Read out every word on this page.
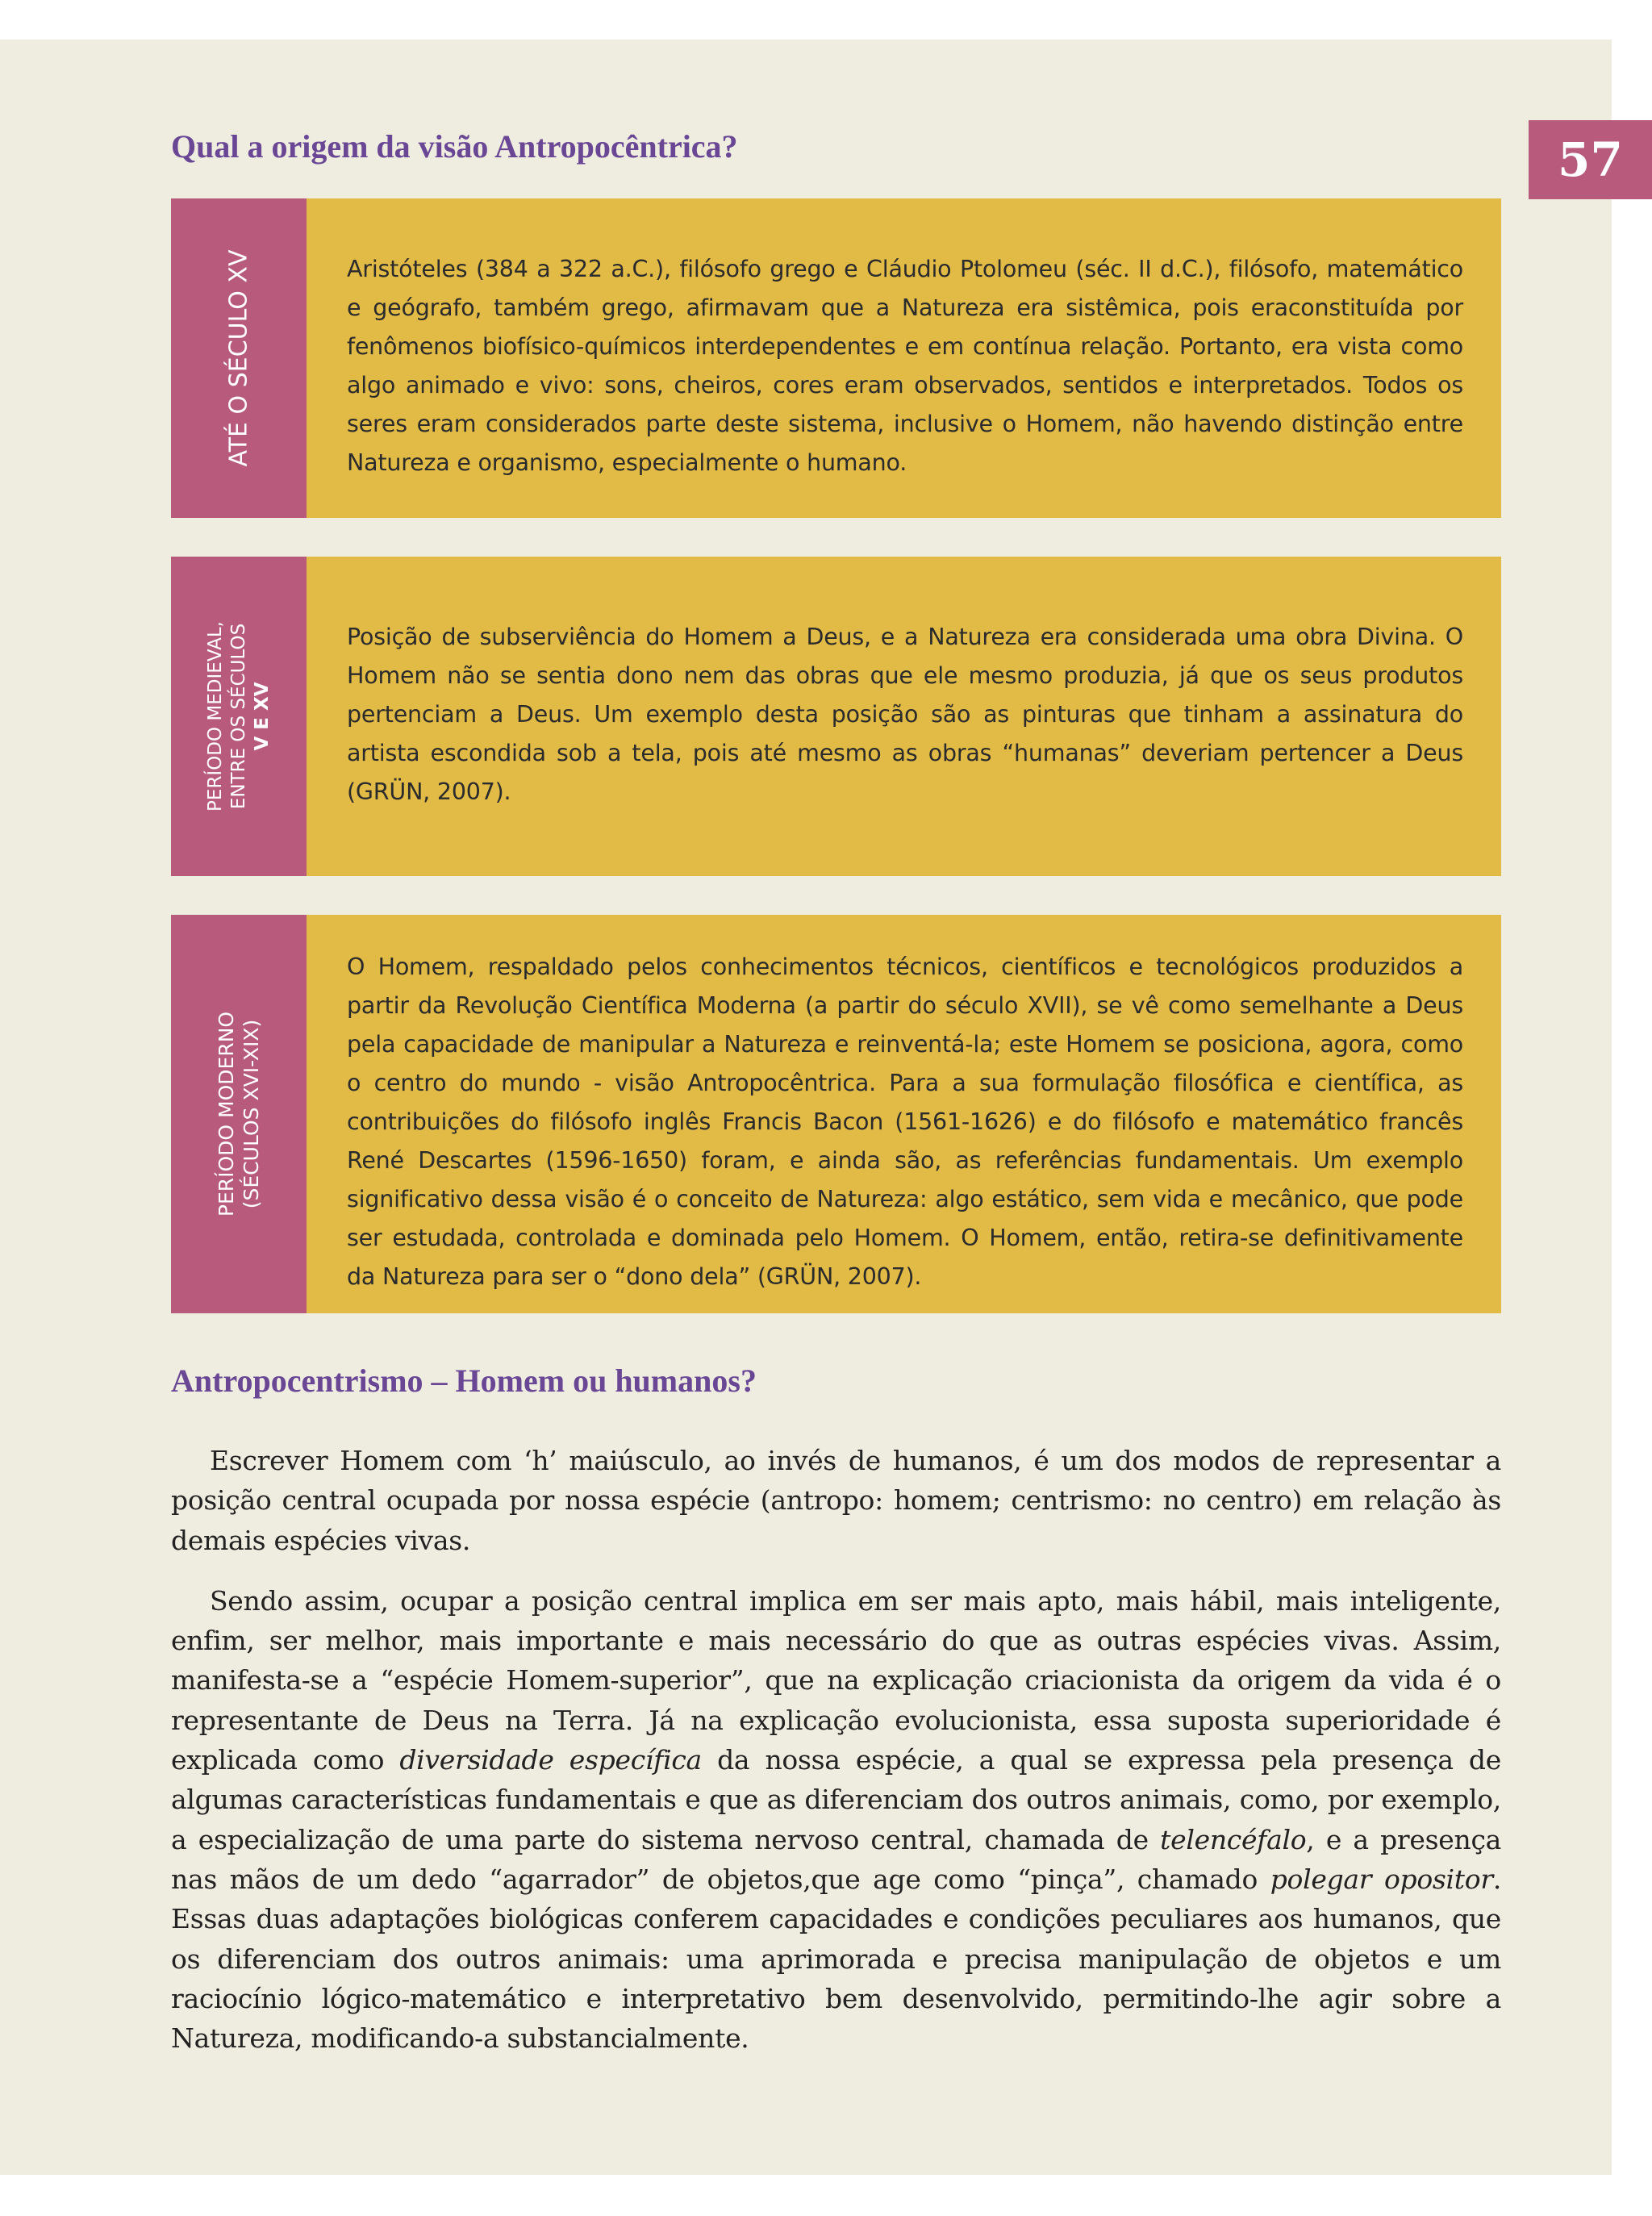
57
Qual a origem da visão Antropocêntrica?
ATÉ O SÉCULO XV	Aristóteles (384 a 322 a.C.), filósofo grego e Cláudio Ptolomeu (séc. II d.C.), filósofo, matemático e geógrafo, também grego, afirmavam que a Natureza era sistêmica, pois eraconstituída por fenômenos biofísico-químicos interdependentes e em contínua relação. Portanto, era vista como algo animado e vivo: sons, cheiros, cores eram observados, sentidos e interpretados. Todos os seres eram considerados parte deste sistema, inclusive o Homem, não havendo distinção entre Natureza e organismo, especialmente o humano.
PERÍODO MEDIEVAL, ENTRE OS SÉCULOS V E XV
Posição de subserviência do Homem a Deus, e a Natureza era considerada uma obra Divina. O Homem não se sentia dono nem das obras que ele mesmo produzia, já que os seus produtos pertenciam a Deus. Um exemplo desta posição são as pinturas que tinham a assinatura do artista escondida sob a tela, pois até mesmo as obras “humanas” deveriam pertencer a Deus (GRÜN, 2007).
PERÍODO MODERNO (SÉCULOS XVI-XIX)
O Homem, respaldado pelos conhecimentos técnicos, científicos e tecnológicos produzidos a partir da Revolução Científica Moderna (a partir do século XVII), se vê como semelhante a Deus pela capacidade de manipular a Natureza e reinventá-la; este Homem se posiciona, agora, como o centro do mundo - visão Antropocêntrica. Para a sua formulação filosófica e científica, as contribuições do filósofo inglês Francis Bacon (1561-1626) e do filósofo e matemático francês René Descartes (1596-1650) foram, e ainda são, as referências fundamentais. Um exemplo significativo dessa visão é o conceito de Natureza: algo estático, sem vida e mecânico, que pode ser estudada, controlada e dominada pelo Homem. O Homem, então, retira-se definitivamente da Natureza para ser o “dono dela” (GRÜN, 2007).
Antropocentrismo – Homem ou humanos?

Escrever Homem com ‘h’ maiúsculo, ao invés de humanos, é um dos modos de representar a posição central ocupada por nossa espécie (antropo: homem; centrismo: no centro) em relação às demais espécies vivas.

Sendo assim, ocupar a posição central implica em ser mais apto, mais hábil, mais inteligente, enfim, ser melhor, mais importante e mais necessário do que as outras espécies vivas. Assim, manifesta-se a “espécie Homem-superior”, que na explicação criacionista da origem da vida é o representante de Deus na Terra. Já na explicação evolucionista, essa suposta superioridade é explicada como diversidade específica da nossa espécie, a qual se expressa pela presença de algumas características fundamentais e que as diferenciam dos outros animais, como, por exemplo, a especialização de uma parte do sistema nervoso central, chamada de telencéfalo, e a presença nas mãos de um dedo “agarrador” de objetos,que age como “pinça”, chamado polegar opositor. Essas duas adaptações biológicas conferem capacidades e condições peculiares aos humanos, que os diferenciam dos outros animais: uma aprimorada e precisa manipulação de objetos e um raciocínio lógico-matemático e interpretativo bem desenvolvido, permitindo-lhe agir sobre a Natureza, modificando-a substancialmente.
